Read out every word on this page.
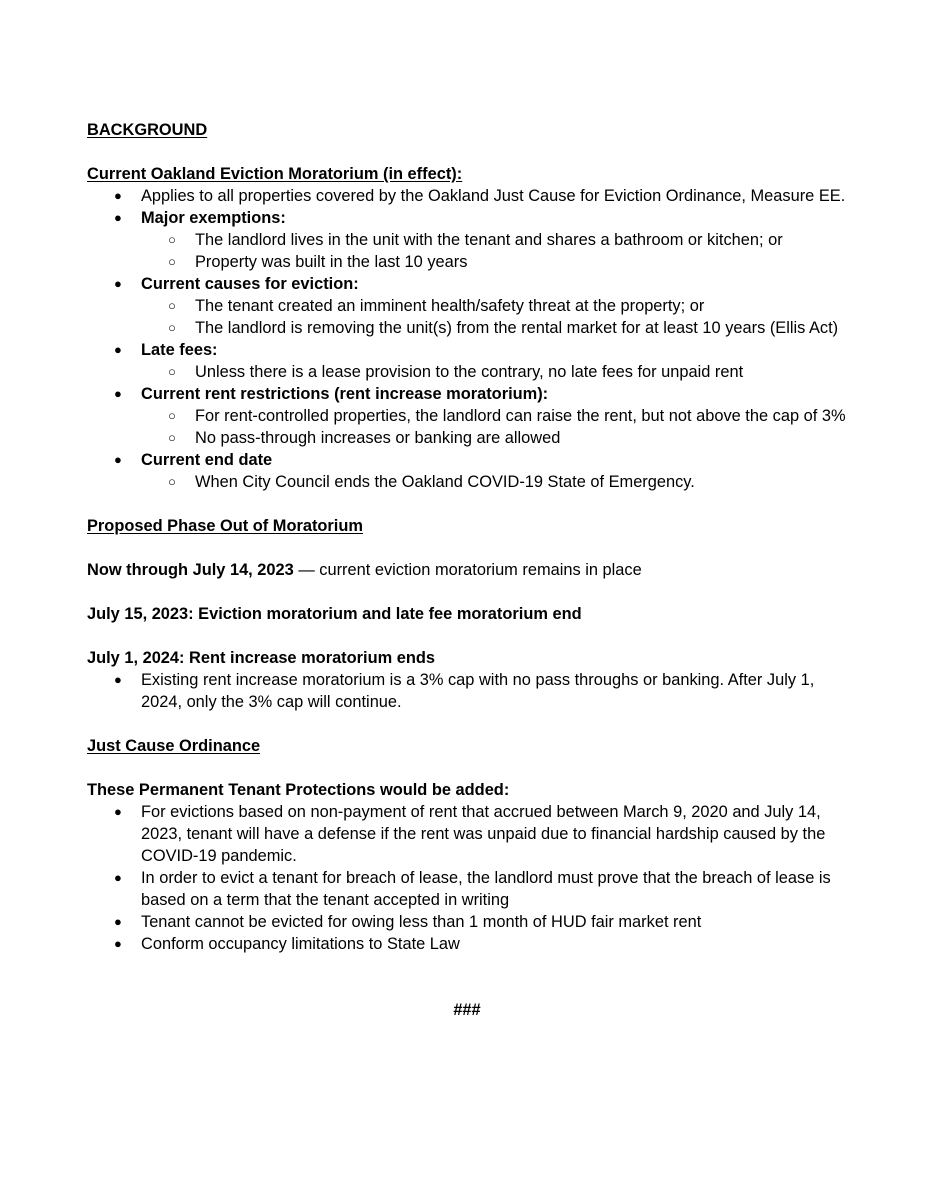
BACKGROUND
Current Oakland Eviction Moratorium (in effect):
● Applies to all properties covered by the Oakland Just Cause for Eviction Ordinance, Measure EE.
● Major exemptions:
○ The landlord lives in the unit with the tenant and shares a bathroom or kitchen; or
○ Property was built in the last 10 years
● Current causes for eviction:
○ The tenant created an imminent health/safety threat at the property; or
○ The landlord is removing the unit(s) from the rental market for at least 10 years (Ellis Act)
● Late fees:
○ Unless there is a lease provision to the contrary, no late fees for unpaid rent
● Current rent restrictions (rent increase moratorium):
○ For rent-controlled properties, the landlord can raise the rent, but not above the cap of 3%
○ No pass-through increases or banking are allowed
● Current end date
○ When City Council ends the Oakland COVID-19 State of Emergency.
Proposed Phase Out of Moratorium
Now through July 14, 2023 — current eviction moratorium remains in place
July 15, 2023: Eviction moratorium and late fee moratorium end
July 1, 2024: Rent increase moratorium ends
● Existing rent increase moratorium is a 3% cap with no pass throughs or banking. After July 1, 2024, only the 3% cap will continue.
Just Cause Ordinance
These Permanent Tenant Protections would be added:
● For evictions based on non-payment of rent that accrued between March 9, 2020 and July 14, 2023, tenant will have a defense if the rent was unpaid due to financial hardship caused by the COVID-19 pandemic.
● In order to evict a tenant for breach of lease, the landlord must prove that the breach of lease is based on a term that the tenant accepted in writing
● Tenant cannot be evicted for owing less than 1 month of HUD fair market rent
● Conform occupancy limitations to State Law
###
